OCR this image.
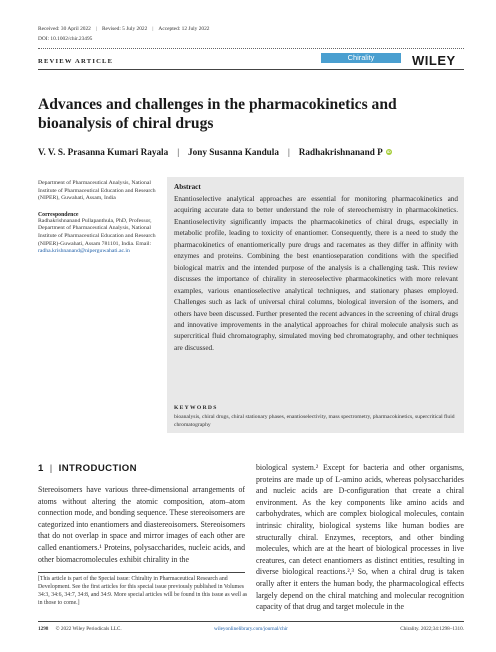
Received: 30 April 2022 | Revised: 5 July 2022 | Accepted: 12 July 2022
DOI: 10.1002/chir.23495
REVIEW ARTICLE	Chirality	WILEY
Advances and challenges in the pharmacokinetics and bioanalysis of chiral drugs
V. V. S. Prasanna Kumari Rayala | Jony Susanna Kandula | Radhakrishnanand P iD
Department of Pharmaceutical Analysis, National Institute of Pharmaceutical Education and Research (NIPER), Guwahati, Assam, India
Correspondence
Radhakrishnanand Pullapanthula, PhD, Professor, Department of Pharmaceutical Analysis, National Institute of Pharmaceutical Education and Research (NIPER)-Guwahati, Assam 781101, India. Email: radha.krishnanand@niperguwahati.ac.in
Abstract
Enantioselective analytical approaches are essential for monitoring pharmacokinetics and acquiring accurate data to better understand the role of stereochemistry in pharmacokinetics. Enantioselectivity significantly impacts the pharmacokinetics of chiral drugs, especially in metabolic profile, leading to toxicity of enantiomer. Consequently, there is a need to study the pharmacokinetics of enantiomerically pure drugs and racemates as they differ in affinity with enzymes and proteins. Combining the best enantioseparation conditions with the specified biological matrix and the intended purpose of the analysis is a challenging task. This review discusses the importance of chirality in stereoselective pharmacokinetics with more relevant examples, various enantioselective analytical techniques, and stationary phases employed. Challenges such as lack of universal chiral columns, biological inversion of the isomers, and others have been discussed. Further presented the recent advances in the screening of chiral drugs and innovative improvements in the analytical approaches for chiral molecule analysis such as supercritical fluid chromatography, simulated moving bed chromatography, and other techniques are discussed.
KEYWORDS
bioanalysis, chiral drugs, chiral stationary phases, enantioselectivity, mass spectrometry, pharmacokinetics, supercritical fluid chromatography
1 | INTRODUCTION
Stereoisomers have various three-dimensional arrangements of atoms without altering the atomic composition, atom–atom connection mode, and bonding sequence. These stereoisomers are categorized into enantiomers and diastereoisomers. Stereoisomers that do not overlap in space and mirror images of each other are called enantiomers.¹ Proteins, polysaccharides, nucleic acids, and other biomacromolecules exhibit chirality in the
[This article is part of the Special issue: Chirality in Pharmaceutical Research and Development. See the first articles for this special issue previously published in Volumes 34:3, 34:6, 34:7, 34:8, and 34:9. More special articles will be found in this issue as well as in those to come.]
biological system.² Except for bacteria and other organisms, proteins are made up of L-amino acids, whereas polysaccharides and nucleic acids are D-configuration that create a chiral environment. As the key components like amino acids and carbohydrates, which are complex biological molecules, contain intrinsic chirality, biological systems like human bodies are structurally chiral. Enzymes, receptors, and other binding molecules, which are at the heart of biological processes in live creatures, can detect enantiomers as distinct entities, resulting in diverse biological reactions.²,³ So, when a chiral drug is taken orally after it enters the human body, the pharmacological effects largely depend on the chiral matching and molecular recognition capacity of that drug and target molecule in the
1298 © 2022 Wiley Periodicals LLC.	wileyonlinelibrary.com/journal/chir	Chirality. 2022;34:1298–1310.
